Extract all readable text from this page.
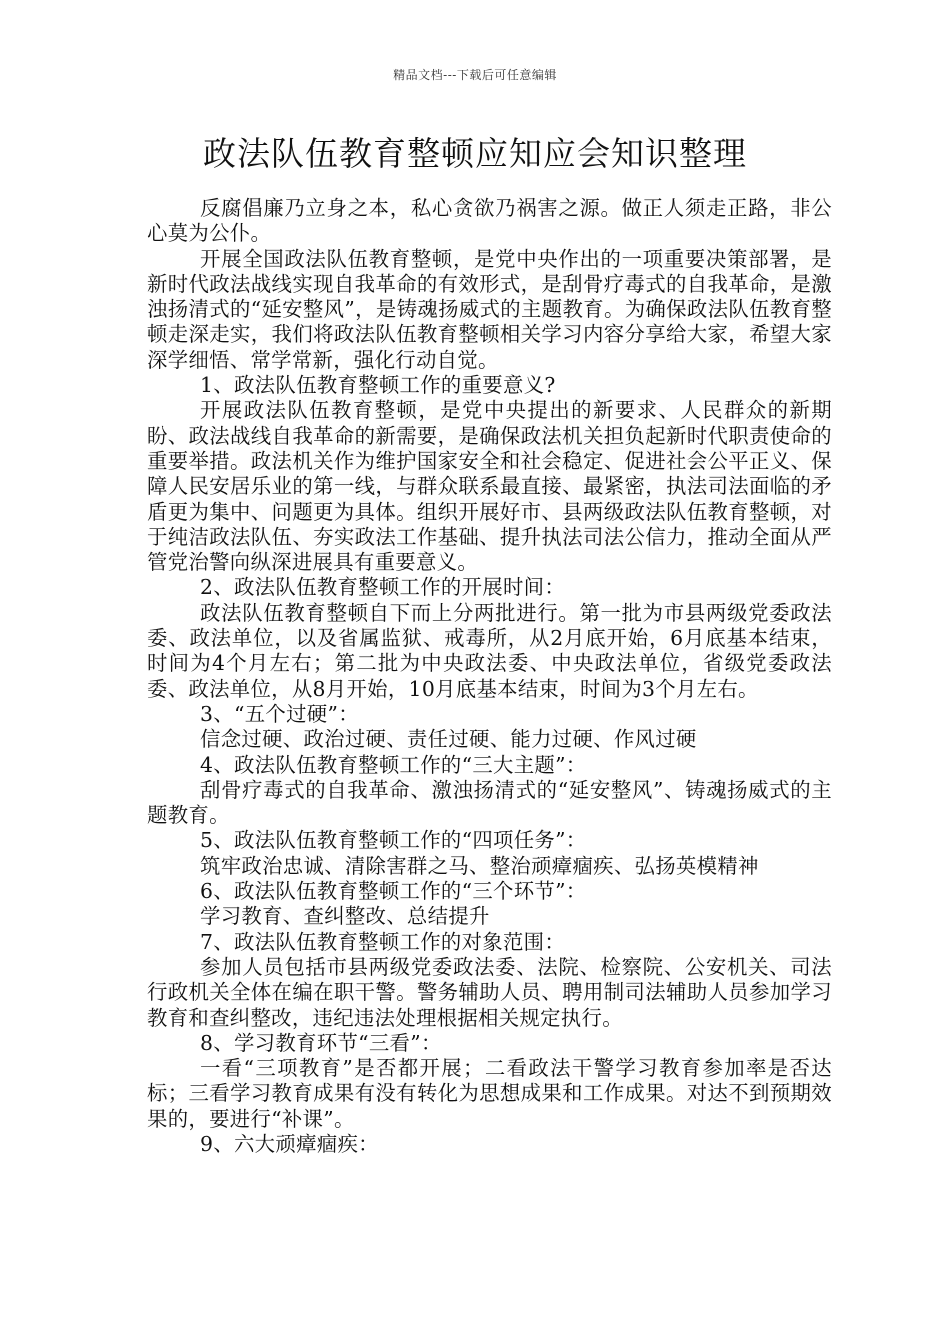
精品文档---下载后可任意编辑
政法队伍教育整顿应知应会知识整理

反腐倡廉乃立身之本，私心贪欲乃祸害之源。做正人须走正路，非公心莫为公仆。

开展全国政法队伍教育整顿，是党中央作出的一项重要决策部署，是新时代政法战线实现自我革命的有效形式，是刮骨疗毒式的自我革命，是激浊扬清式的“延安整风”，是铸魂扬威式的主题教育。为确保政法队伍教育整顿走深走实，我们将政法队伍教育整顿相关学习内容分享给大家，希望大家深学细悟、常学常新，强化行动自觉。

1、政法队伍教育整顿工作的重要意义?

开展政法队伍教育整顿，是党中央提出的新要求、人民群众的新期盼、政法战线自我革命的新需要，是确保政法机关担负起新时代职责使命的重要举措。政法机关作为维护国家安全和社会稳定、促进社会公平正义、保障人民安居乐业的第一线，与群众联系最直接、最紧密，执法司法面临的矛盾更为集中、问题更为具体。组织开展好市、县两级政法队伍教育整顿，对于纯洁政法队伍、夯实政法工作基础、提升执法司法公信力，推动全面从严管党治警向纵深进展具有重要意义。

2、政法队伍教育整顿工作的开展时间：

政法队伍教育整顿自下而上分两批进行。第一批为市县两级党委政法委、政法单位，以及省属监狱、戒毒所，从2月底开始，6月底基本结束，时间为4个月左右；第二批为中央政法委、中央政法单位，省级党委政法委、政法单位，从8月开始，10月底基本结束，时间为3个月左右。

3、“五个过硬”：

信念过硬、政治过硬、责任过硬、能力过硬、作风过硬

4、政法队伍教育整顿工作的“三大主题”：

刮骨疗毒式的自我革命、激浊扬清式的“延安整风”、铸魂扬威式的主题教育。

5、政法队伍教育整顿工作的“四项任务”：

筑牢政治忠诚、清除害群之马、整治顽瘴痼疾、弘扬英模精神

6、政法队伍教育整顿工作的“三个环节”：

学习教育、查纠整改、总结提升

7、政法队伍教育整顿工作的对象范围：

参加人员包括市县两级党委政法委、法院、检察院、公安机关、司法行政机关全体在编在职干警。警务辅助人员、聘用制司法辅助人员参加学习教育和查纠整改，违纪违法处理根据相关规定执行。

8、学习教育环节“三看”：

一看“三项教育”是否都开展；二看政法干警学习教育参加率是否达标；三看学习教育成果有没有转化为思想成果和工作成果。对达不到预期效果的，要进行“补课”。

9、六大顽瘴痼疾：
